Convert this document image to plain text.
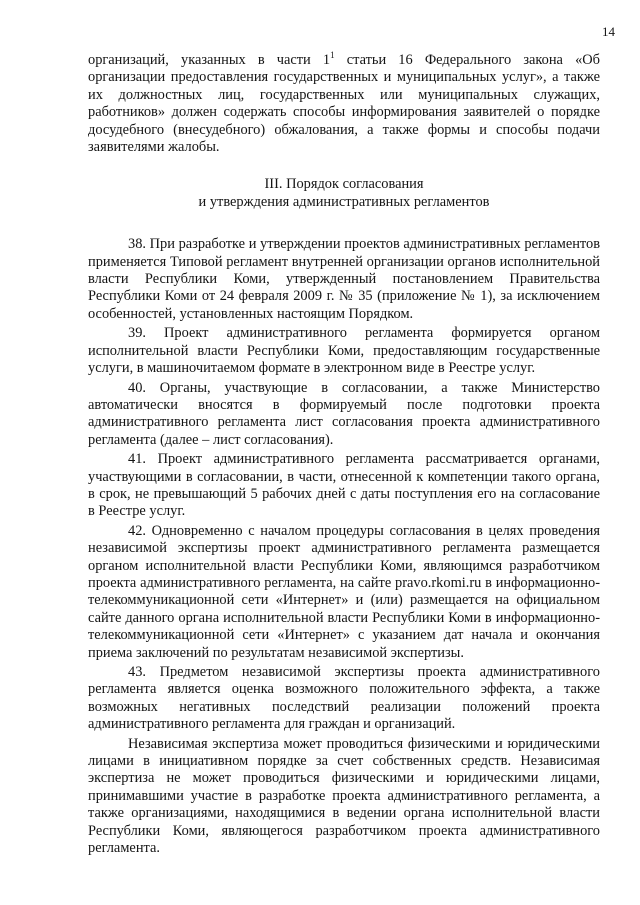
14

организаций, указанных в части $1^1$ статьи 16 Федерального закона «Об организации предоставления государственных и муниципальных услуг», а также их должностных лиц, государственных или муниципальных служащих, работников» должен содержать способы информирования заявителей о порядке досудебного (внесудебного) обжалования, а также формы и способы подачи заявителями жалобы.

III. Порядок согласования
и утверждения административных регламентов

38. При разработке и утверждении проектов административных регламентов применяется Типовой регламент внутренней организации органов исполнительной власти Республики Коми, утвержденный постановлением Правительства Республики Коми от 24 февраля 2009 г. № 35 (приложение № 1), за исключением особенностей, установленных настоящим Порядком.

39. Проект административного регламента формируется органом исполнительной власти Республики Коми, предоставляющим государственные услуги, в машиночитаемом формате в электронном виде в Реестре услуг.

40. Органы, участвующие в согласовании, а также Министерство автоматически вносятся в формируемый после подготовки проекта административного регламента лист согласования проекта административного регламента (далее – лист согласования).

41. Проект административного регламента рассматривается органами, участвующими в согласовании, в части, отнесенной к компетенции такого органа, в срок, не превышающий 5 рабочих дней с даты поступления его на согласование в Реестре услуг.

42. Одновременно с началом процедуры согласования в целях проведения независимой экспертизы проект административного регламента размещается органом исполнительной власти Республики Коми, являющимся разработчиком проекта административного регламента, на сайте pravo.rkomi.ru в информационно-телекоммуникационной сети «Интернет» и (или) размещается на официальном сайте данного органа исполнительной власти Республики Коми в информационно-телекоммуникационной сети «Интернет» с указанием дат начала и окончания приема заключений по результатам независимой экспертизы.

43. Предметом независимой экспертизы проекта административного регламента является оценка возможного положительного эффекта, а также возможных негативных последствий реализации положений проекта административного регламента для граждан и организаций.

Независимая экспертиза может проводиться физическими и юридическими лицами в инициативном порядке за счет собственных средств. Независимая экспертиза не может проводиться физическими и юридическими лицами, принимавшими участие в разработке проекта административного регламента, а также организациями, находящимися в ведении органа исполнительной власти Республики Коми, являющегося разработчиком проекта административного регламента.
